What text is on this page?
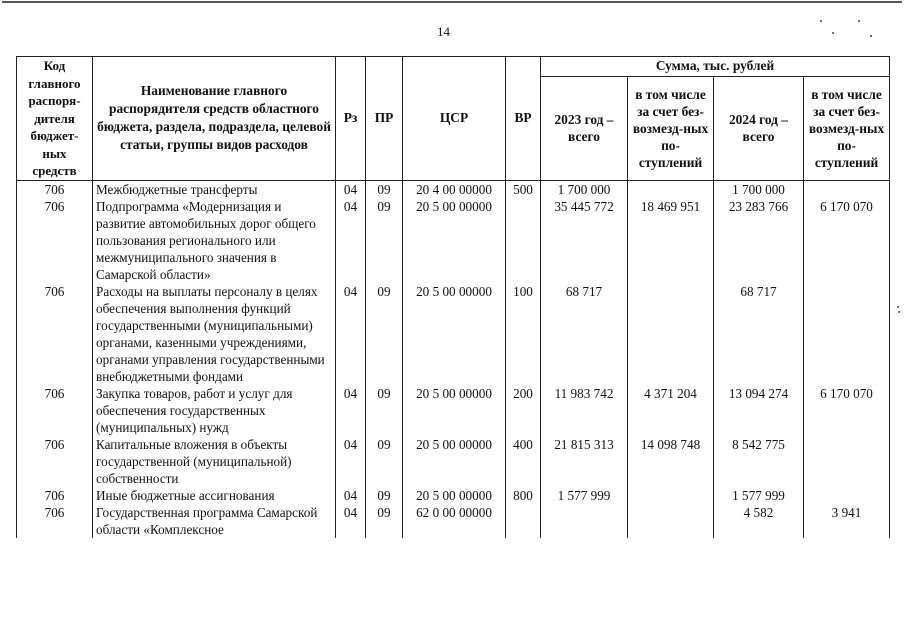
14
Код главного распоря-дителя бюджет-ных средств	Наименование главного распорядителя средств областного бюджета, раздела, подраздела, целевой статьи, группы видов расходов	Рз	ПР	ЦСР	ВР	Сумма, тыс. рублей			
						2023 год – всего	в том числе за счет без-возмезд-ных по-ступлений	2024 год – всего	в том числе за счет без-возмезд-ных по-ступлений
706	Межбюджетные трансферты	04	09	20 4 00 00000	500	1 700 000		1 700 000	
706	Подпрограмма «Модернизация и развитие автомобильных дорог общего пользования регионального или межмуниципального значения в Самарской области»	04	09	20 5 00 00000		35 445 772	18 469 951	23 283 766	6 170 070
706	Расходы на выплаты персоналу в целях обеспечения выполнения функций государственными (муниципальными) органами, казенными учреждениями, органами управления государственными внебюджетными фондами	04	09	20 5 00 00000	100	68 717		68 717	
706	Закупка товаров, работ и услуг для обеспечения государственных (муниципальных) нужд	04	09	20 5 00 00000	200	11 983 742	4 371 204	13 094 274	6 170 070
706	Капитальные вложения в объекты государственной (муниципальной) собственности	04	09	20 5 00 00000	400	21 815 313	14 098 748	8 542 775	
706	Иные бюджетные ассигнования	04	09	20 5 00 00000	800	1 577 999		1 577 999	
706	Государственная программа Самарской области «Комплексное	04	09	62 0 00 00000				4 582	3 941
